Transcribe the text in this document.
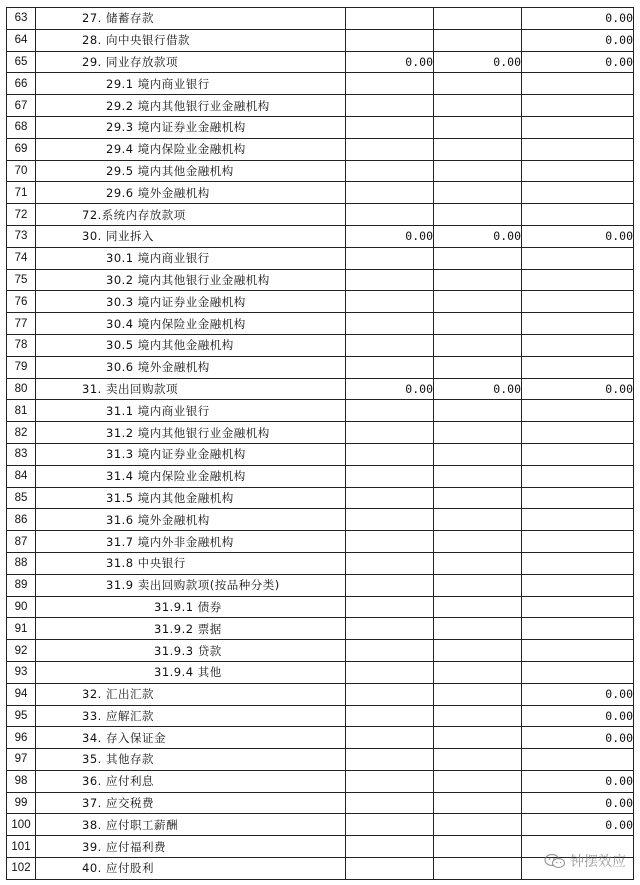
63	27. 储蓄存款			0.00
64	28. 向中央银行借款			0.00
65	29. 同业存放款项	0.00	0.00	0.00
66	29.1 境内商业银行			
67	29.2 境内其他银行业金融机构			
68	29.3 境内证券业金融机构			
69	29.4 境内保险业金融机构			
70	29.5 境内其他金融机构			
71	29.6 境外金融机构			
72	72.系统内存放款项			
73	30. 同业拆入	0.00	0.00	0.00
74	30.1 境内商业银行			
75	30.2 境内其他银行业金融机构			
76	30.3 境内证券业金融机构			
77	30.4 境内保险业金融机构			
78	30.5 境内其他金融机构			
79	30.6 境外金融机构			
80	31. 卖出回购款项	0.00	0.00	0.00
81	31.1 境内商业银行			
82	31.2 境内其他银行业金融机构			
83	31.3 境内证券业金融机构			
84	31.4 境内保险业金融机构			
85	31.5 境内其他金融机构			
86	31.6 境外金融机构			
87	31.7 境内外非金融机构			
88	31.8 中央银行			
89	31.9 卖出回购款项(按品种分类)			
90	31.9.1 债券			
91	31.9.2 票据			
92	31.9.3 贷款			
93	31.9.4 其他			
94	32. 汇出汇款			0.00
95	33. 应解汇款			0.00
96	34. 存入保证金			0.00
97	35. 其他存款			
98	36. 应付利息			0.00
99	37. 应交税费			0.00
100	38. 应付职工薪酬			0.00
101	39. 应付福利费			
102	40. 应付股利				钟摆效应
